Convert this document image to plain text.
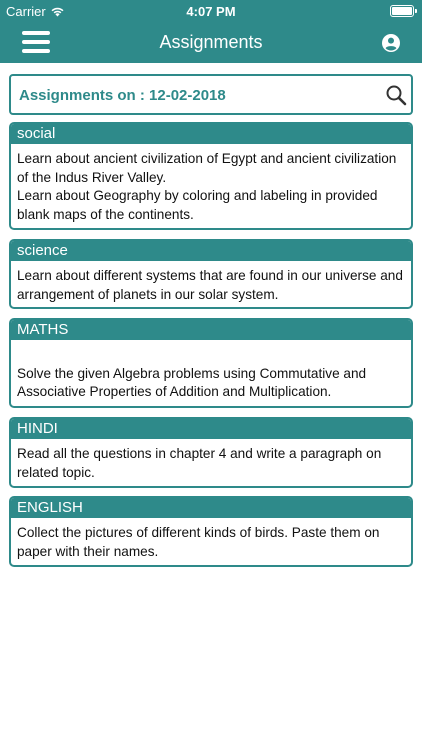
Carrier	4:07 PM
Assignments
Assignments on : 12-02-2018
social

Learn about ancient civilization of Egypt and ancient civilization of the Indus River Valley.

Learn about Geography by coloring and labeling in provided blank maps of the continents.

science

Learn about different systems that are found in our universe and arrangement of planets in our solar system.

MATHS

Solve the given Algebra problems using Commutative and Associative Properties of Addition and Multiplication.

HINDI

Read all the questions in chapter 4 and write a paragraph on related topic.

ENGLISH

Collect the pictures of different kinds of birds. Paste them on paper with their names.
